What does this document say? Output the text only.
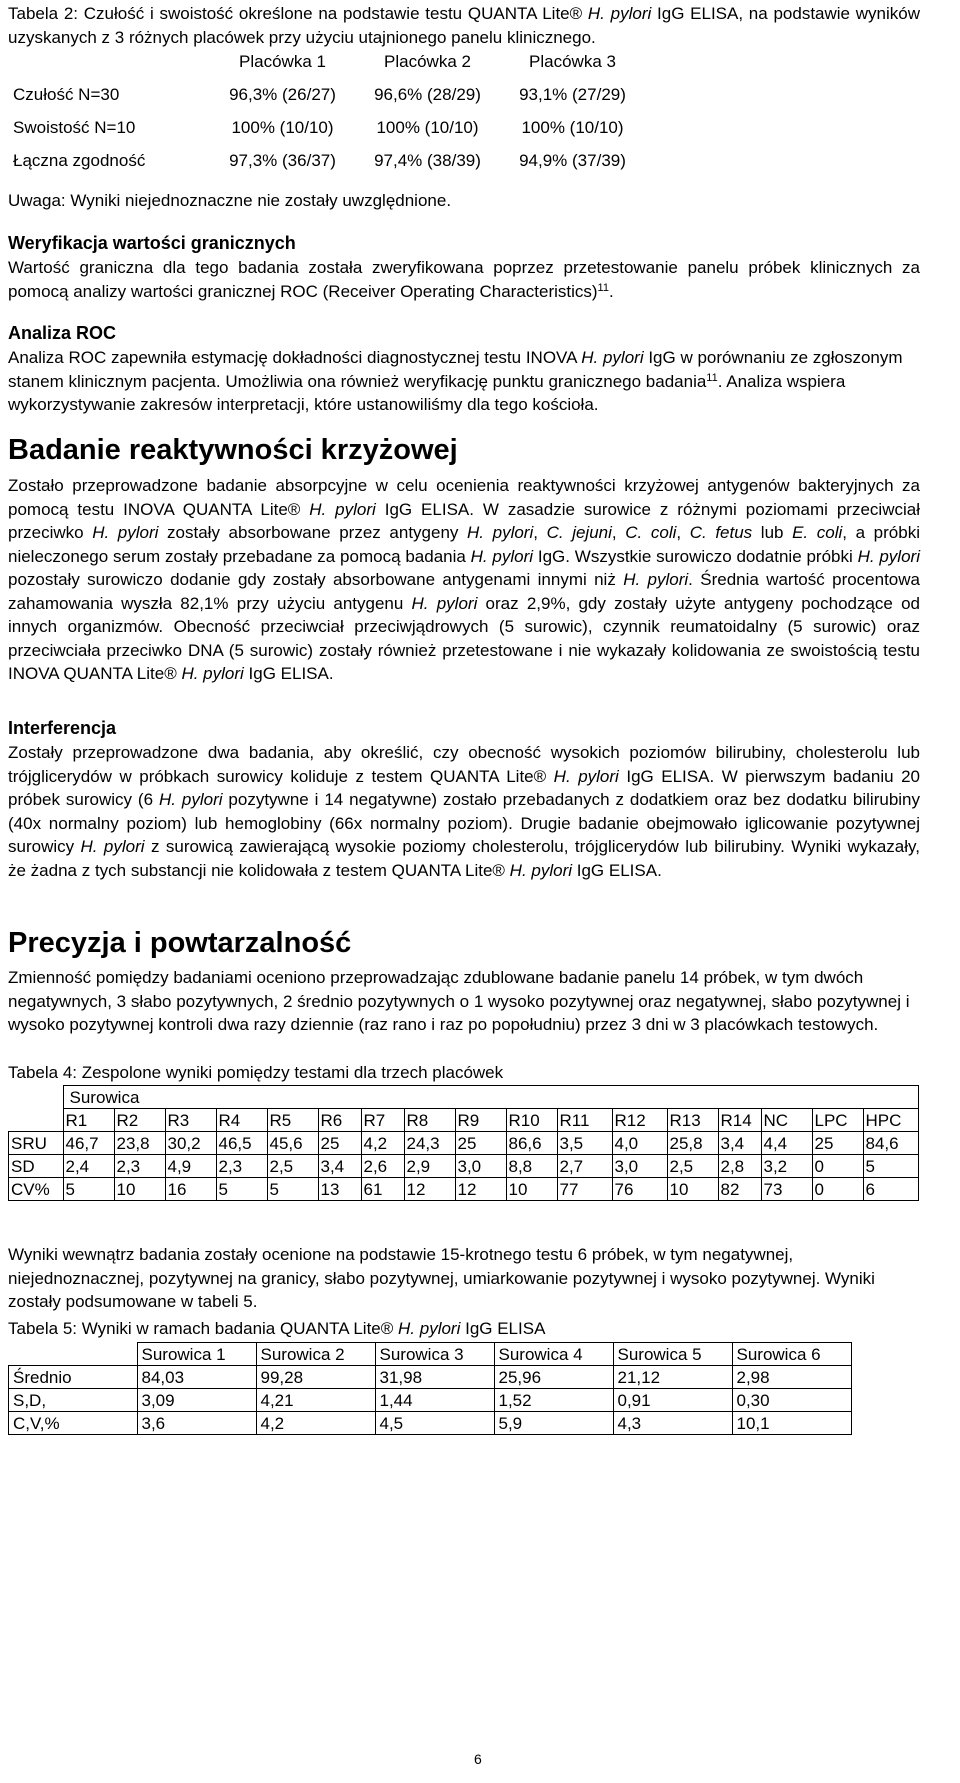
Tabela 2: Czułość i swoistość określone na podstawie testu QUANTA Lite® H. pylori IgG ELISA, na podstawie wyników uzyskanych z 3 różnych placówek przy użyciu utajnionego panelu klinicznego.

	Placówka 1	Placówka 2	Placówka 3
Czułość N=30	96,3% (26/27)	96,6% (28/29)	93,1% (27/29)
Swoistość N=10	100% (10/10)	100% (10/10)	100% (10/10)
Łączna zgodność	97,3% (36/37)	97,4% (38/39)	94,9% (37/39)

Uwaga: Wyniki niejednoznaczne nie zostały uwzględnione.

Weryfikacja wartości granicznych

Wartość graniczna dla tego badania została zweryfikowana poprzez przetestowanie panelu próbek klinicznych za pomocą analizy wartości granicznej ROC (Receiver Operating Characteristics)$^{11}$.

Analiza ROC

Analiza ROC zapewniła estymację dokładności diagnostycznej testu INOVA H. pylori IgG w porównaniu ze zgłoszonym stanem klinicznym pacjenta. Umożliwia ona również weryfikację punktu granicznego badania$^{11}$. Analiza wspiera wykorzystywanie zakresów interpretacji, które ustanowiliśmy dla tego kościoła.

Badanie reaktywności krzyżowej

Zostało przeprowadzone badanie absorpcyjne w celu ocenienia reaktywności krzyżowej antygenów bakteryjnych za pomocą testu INOVA QUANTA Lite® H. pylori IgG ELISA. W zasadzie surowice z różnymi poziomami przeciwciał przeciwko H. pylori zostały absorbowane przez antygeny H. pylori, C. jejuni, C. coli, C. fetus lub E. coli, a próbki nieleczonego serum zostały przebadane za pomocą badania H. pylori IgG. Wszystkie surowiczo dodatnie próbki H. pylori pozostały surowiczo dodanie gdy zostały absorbowane antygenami innymi niż H. pylori. Średnia wartość procentowa zahamowania wyszła 82,1% przy użyciu antygenu H. pylori oraz 2,9%, gdy zostały użyte antygeny pochodzące od innych organizmów. Obecność przeciwciał przeciwjądrowych (5 surowic), czynnik reumatoidalny (5 surowic) oraz przeciwciała przeciwko DNA (5 surowic) zostały również przetestowane i nie wykazały kolidowania ze swoistością testu INOVA QUANTA Lite® H. pylori IgG ELISA.

Interferencja

Zostały przeprowadzone dwa badania, aby określić, czy obecność wysokich poziomów bilirubiny, cholesterolu lub trójglicerydów w próbkach surowicy koliduje z testem QUANTA Lite® H. pylori IgG ELISA. W pierwszym badaniu 20 próbek surowicy (6 H. pylori pozytywne i 14 negatywne) zostało przebadanych z dodatkiem oraz bez dodatku bilirubiny (40x normalny poziom) lub hemoglobiny (66x normalny poziom). Drugie badanie obejmowało iglicowanie pozytywnej surowicy H. pylori z surowicą zawierającą wysokie poziomy cholesterolu, trójglicerydów lub bilirubiny. Wyniki wykazały, że żadna z tych substancji nie kolidowała z testem QUANTA Lite® H. pylori IgG ELISA.

Precyzja i powtarzalność

Zmienność pomiędzy badaniami oceniono przeprowadzając zdublowane badanie panelu 14 próbek, w tym dwóch negatywnych, 3 słabo pozytywnych, 2 średnio pozytywnych o 1 wysoko pozytywnej oraz negatywnej, słabo pozytywnej i wysoko pozytywnej kontroli dwa razy dziennie (raz rano i raz po popołudniu) przez 3 dni w 3 placówkach testowych.

Tabela 4: Zespolone wyniki pomiędzy testami dla trzech placówek

	Surowica																
	R1	R2	R3	R4	R5	R6	R7	R8	R9	R10	R11	R12	R13	R14	NC	LPC	HPC
SRU	46,7	23,8	30,2	46,5	45,6	25	4,2	24,3	25	86,6	3,5	4,0	25,8	3,4	4,4	25	84,6
SD	2,4	2,3	4,9	2,3	2,5	3,4	2,6	2,9	3,0	8,8	2,7	3,0	2,5	2,8	3,2	0	5
CV%	5	10	16	5	5	13	61	12	12	10	77	76	10	82	73	0	6

Wyniki wewnątrz badania zostały ocenione na podstawie 15-krotnego testu 6 próbek, w tym negatywnej, niejednoznacznej, pozytywnej na granicy, słabo pozytywnej, umiarkowanie pozytywnej i wysoko pozytywnej. Wyniki zostały podsumowane w tabeli 5.

Tabela 5: Wyniki w ramach badania QUANTA Lite® H. pylori IgG ELISA

	Surowica 1	Surowica 2	Surowica 3	Surowica 4	Surowica 5	Surowica 6
Średnio	84,03	99,28	31,98	25,96	21,12	2,98
S,D,	3,09	4,21	1,44	1,52	0,91	0,30
C,V,%	3,6	4,2	4,5	5,9	4,3	10,1
6
